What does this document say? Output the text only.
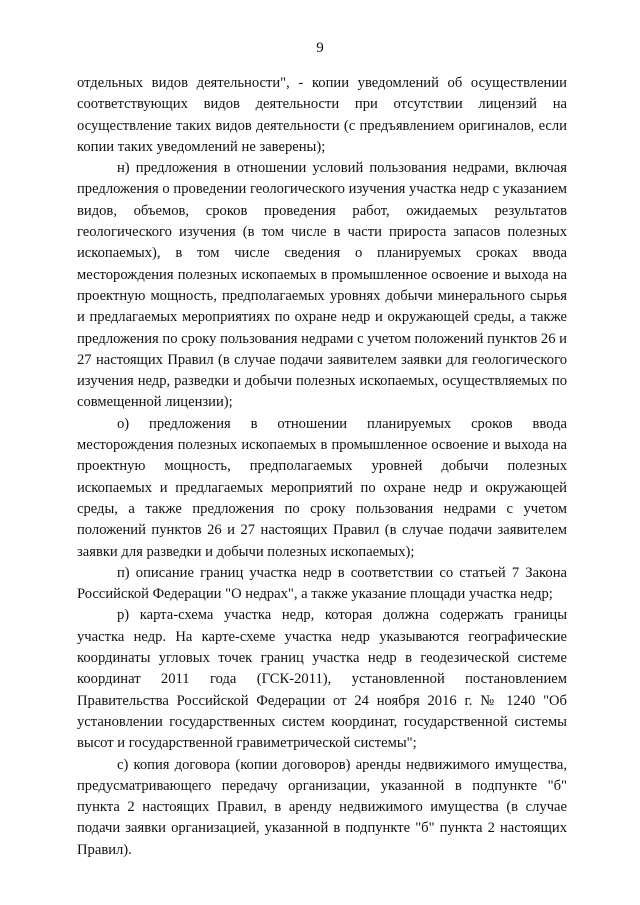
9

отдельных видов деятельности", - копии уведомлений об осуществлении соответствующих видов деятельности при отсутствии лицензий на осуществление таких видов деятельности (с предъявлением оригиналов, если копии таких уведомлений не заверены);

н) предложения в отношении условий пользования недрами, включая предложения о проведении геологического изучения участка недр с указанием видов, объемов, сроков проведения работ, ожидаемых результатов геологического изучения (в том числе в части прироста запасов полезных ископаемых), в том числе сведения о планируемых сроках ввода месторождения полезных ископаемых в промышленное освоение и выхода на проектную мощность, предполагаемых уровнях добычи минерального сырья и предлагаемых мероприятиях по охране недр и окружающей среды, а также предложения по сроку пользования недрами с учетом положений пунктов 26 и 27 настоящих Правил (в случае подачи заявителем заявки для геологического изучения недр, разведки и добычи полезных ископаемых, осуществляемых по совмещенной лицензии);

о) предложения в отношении планируемых сроков ввода месторождения полезных ископаемых в промышленное освоение и выхода на проектную мощность, предполагаемых уровней добычи полезных ископаемых и предлагаемых мероприятий по охране недр и окружающей среды, а также предложения по сроку пользования недрами с учетом положений пунктов 26 и 27 настоящих Правил (в случае подачи заявителем заявки для разведки и добычи полезных ископаемых);

п) описание границ участка недр в соответствии со статьей 7 Закона Российской Федерации "О недрах", а также указание площади участка недр;

р) карта-схема участка недр, которая должна содержать границы участка недр. На карте-схеме участка недр указываются географические координаты угловых точек границ участка недр в геодезической системе координат 2011 года (ГСК-2011), установленной постановлением Правительства Российской Федерации от 24 ноября 2016 г. № 1240 "Об установлении государственных систем координат, государственной системы высот и государственной гравиметрической системы";

с) копия договора (копии договоров) аренды недвижимого имущества, предусматривающего передачу организации, указанной в подпункте "б" пункта 2 настоящих Правил, в аренду недвижимого имущества (в случае подачи заявки организацией, указанной в подпункте "б" пункта 2 настоящих Правил).
